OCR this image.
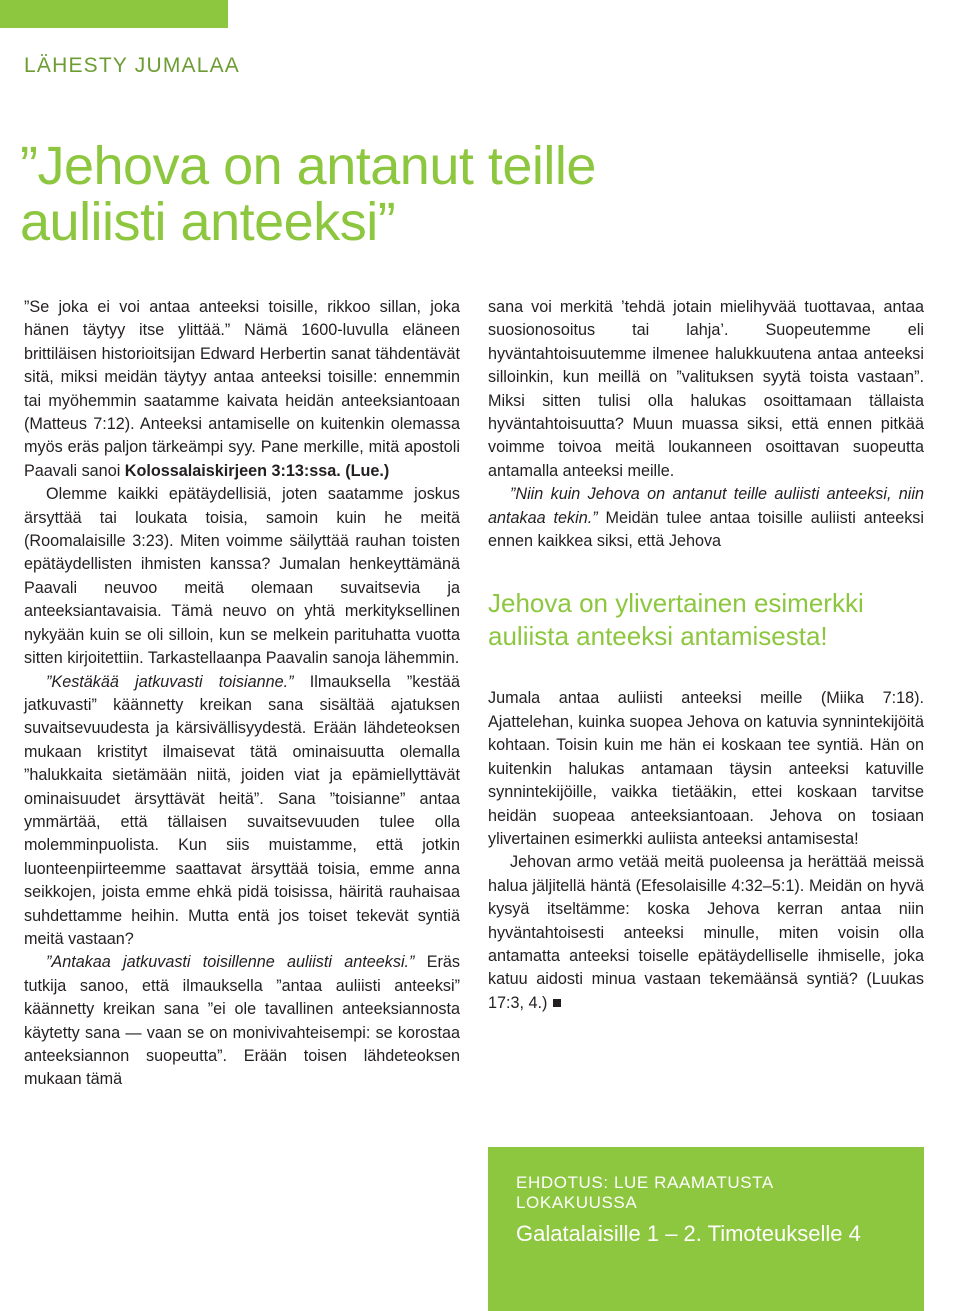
LÄHESTY JUMALAA
”Jehova on antanut teille auliisti anteeksi”

”Se joka ei voi antaa anteeksi toisille, rikkoo sillan, joka hänen täytyy itse ylittää.” Nämä 1600-luvulla eläneen brittiläisen historioitsijan Edward Herbertin sanat tähdentävät sitä, miksi meidän täytyy antaa anteeksi toisille: ennemmin tai myöhemmin saatamme kaivata heidän anteeksiantoaan (Matteus 7:12). Anteeksi antamiselle on kuitenkin olemassa myös eräs paljon tärkeämpi syy. Pane merkille, mitä apostoli Paavali sanoi Kolossalaiskirjeen 3:13:ssa. (Lue.)

Olemme kaikki epätäydellisiä, joten saatamme joskus ärsyttää tai loukata toisia, samoin kuin he meitä (Roomalaisille 3:23). Miten voimme säilyttää rauhan toisten epätäydellisten ihmisten kanssa? Jumalan henkeyttämänä Paavali neuvoo meitä olemaan suvaitsevia ja anteeksiantavaisia. Tämä neuvo on yhtä merkityksellinen nykyään kuin se oli silloin, kun se melkein parituhatta vuotta sitten kirjoitettiin. Tarkastellaanpa Paavalin sanoja lähemmin.

”Kestäkää jatkuvasti toisianne.” Ilmauksella ”kestää jatkuvasti” käännetty kreikan sana sisältää ajatuksen suvaitsevuudesta ja kärsivällisyydestä. Erään lähdeteoksen mukaan kristityt ilmaisevat tätä ominaisuutta olemalla ”halukkaita sietämään niitä, joiden viat ja epämiellyttävät ominaisuudet ärsyttävät heitä”. Sana ”toisianne” antaa ymmärtää, että tällaisen suvaitsevuuden tulee olla molemminpuolista. Kun siis muistamme, että jotkin luonteenpiirteemme saattavat ärsyttää toisia, emme anna seikkojen, joista emme ehkä pidä toisissa, häiritä rauhaisaa suhdettamme heihin. Mutta entä jos toiset tekevät syntiä meitä vastaan?

”Antakaa jatkuvasti toisillenne auliisti anteeksi.” Eräs tutkija sanoo, että ilmauksella ”antaa auliisti anteeksi” käännetty kreikan sana ”ei ole tavallinen anteeksiannosta käytetty sana — vaan se on monivivahteisempi: se korostaa anteeksiannon suopeutta”. Erään toisen lähdeteoksen mukaan tämä

sana voi merkitä ’tehdä jotain mielihyvää tuottavaa, antaa suosionosoitus tai lahja’. Suopeutemme eli hyväntahtoisuutemme ilmenee halukkuutena antaa anteeksi silloinkin, kun meillä on ”valituksen syytä toista vastaan”. Miksi sitten tulisi olla halukas osoittamaan tällaista hyväntahtoisuutta? Muun muassa siksi, että ennen pitkää voimme toivoa meitä loukanneen osoittavan suopeutta antamalla anteeksi meille.

”Niin kuin Jehova on antanut teille auliisti anteeksi, niin antakaa tekin.” Meidän tulee antaa toisille auliisti anteeksi ennen kaikkea siksi, että Jehova

Jehova on ylivertainen esimerkki auliista anteeksi antamisesta!

Jumala antaa auliisti anteeksi meille (Miika 7:18). Ajattelehan, kuinka suopea Jehova on katuvia synnintekijöitä kohtaan. Toisin kuin me hän ei koskaan tee syntiä. Hän on kuitenkin halukas antamaan täysin anteeksi katuville synnintekijöille, vaikka tietääkin, ettei koskaan tarvitse heidän suopeaa anteeksiantoaan. Jehova on tosiaan ylivertainen esimerkki auliista anteeksi antamisesta!

Jehovan armo vetää meitä puoleensa ja herättää meissä halua jäljitellä häntä (Efesolaisille 4:32–5:1). Meidän on hyvä kysyä itseltämme: koska Jehova kerran antaa niin hyväntahtoisesti anteeksi minulle, miten voisin olla antamatta anteeksi toiselle epätäydelliselle ihmiselle, joka katuu aidosti minua vastaan tekemäänsä syntiä? (Luukas 17:3, 4.)

EHDOTUS: LUE RAAMATUSTA LOKAKUUSSA

Galatalaisille 1 – 2. Timoteukselle 4
